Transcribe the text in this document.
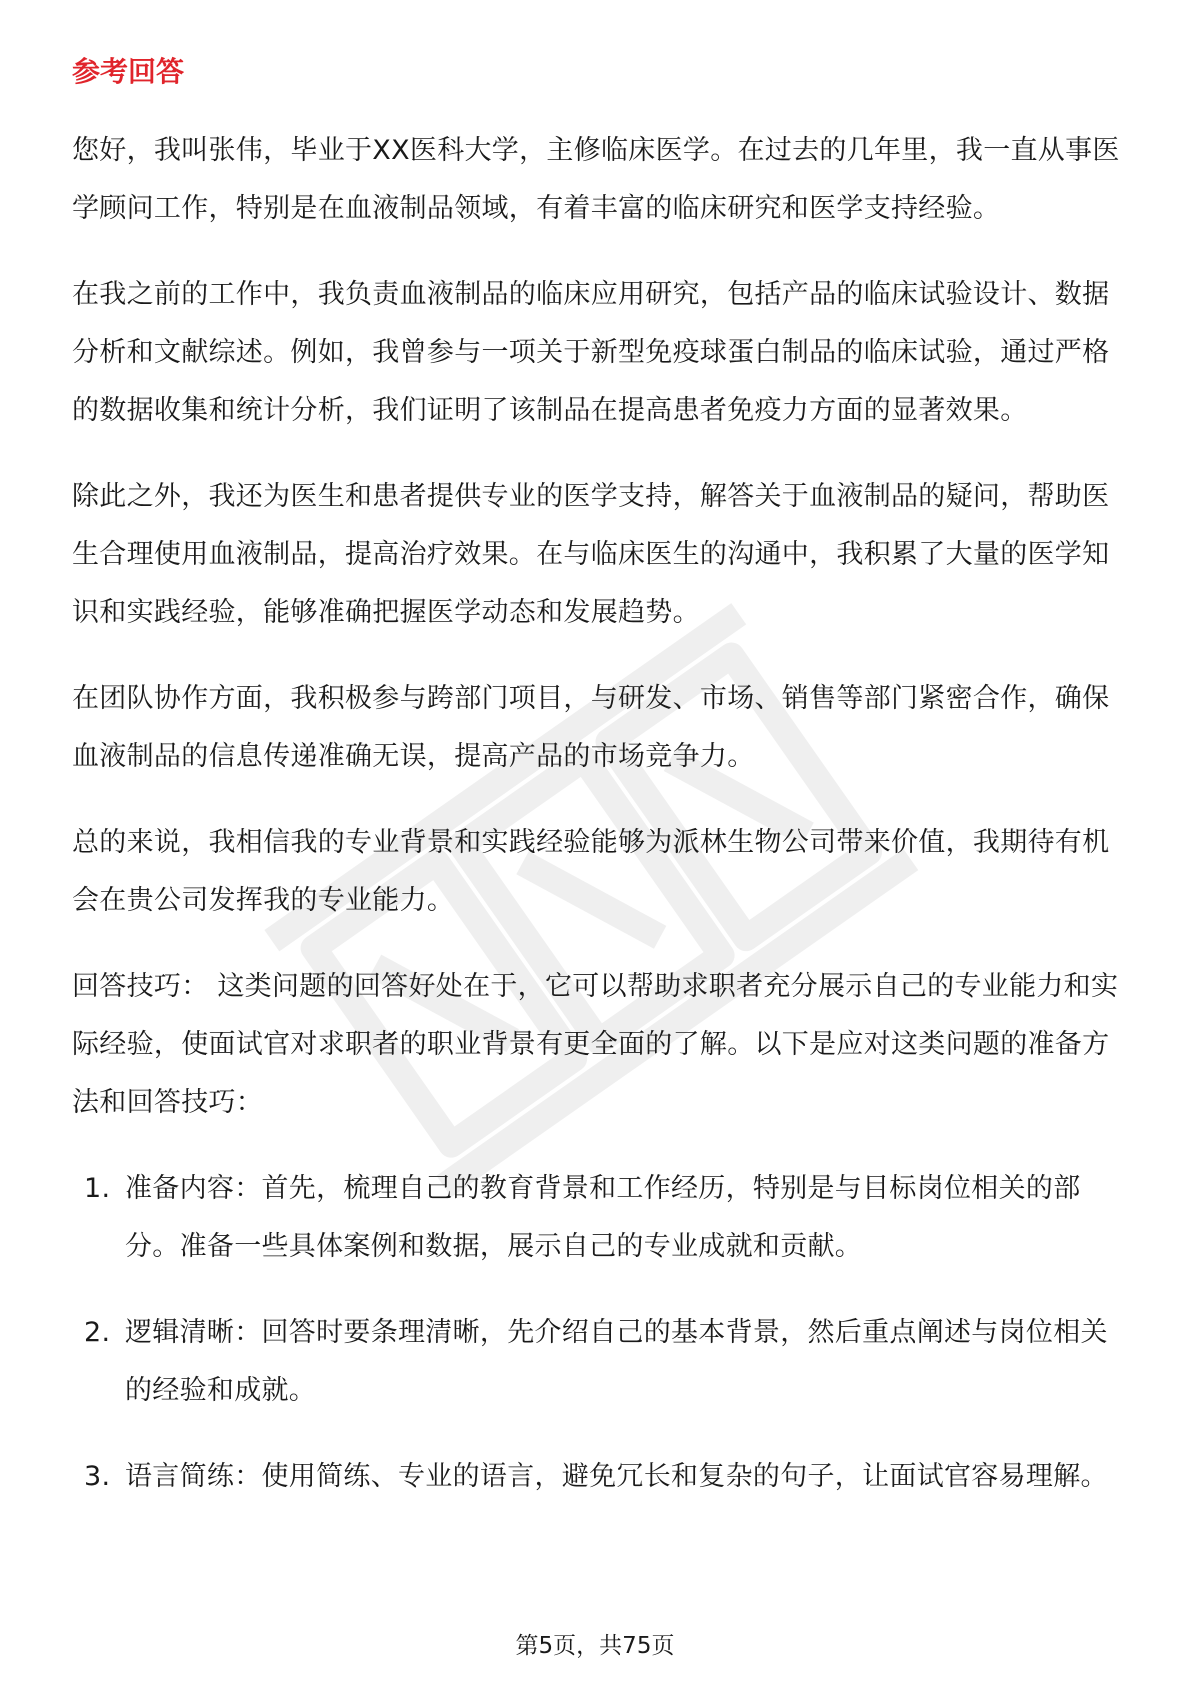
参考回答

您好，我叫张伟，毕业于XX医科大学，主修临床医学。在过去的几年里，我一直从事医学顾问工作，特别是在血液制品领域，有着丰富的临床研究和医学支持经验。

在我之前的工作中，我负责血液制品的临床应用研究，包括产品的临床试验设计、数据分析和文献综述。例如，我曾参与一项关于新型免疫球蛋白制品的临床试验，通过严格的数据收集和统计分析，我们证明了该制品在提高患者免疫力方面的显著效果。

除此之外，我还为医生和患者提供专业的医学支持，解答关于血液制品的疑问，帮助医生合理使用血液制品，提高治疗效果。在与临床医生的沟通中，我积累了大量的医学知识和实践经验，能够准确把握医学动态和发展趋势。

在团队协作方面，我积极参与跨部门项目，与研发、市场、销售等部门紧密合作，确保血液制品的信息传递准确无误，提高产品的市场竞争力。

总的来说，我相信我的专业背景和实践经验能够为派林生物公司带来价值，我期待有机会在贵公司发挥我的专业能力。

回答技巧： 这类问题的回答好处在于，它可以帮助求职者充分展示自己的专业能力和实际经验，使面试官对求职者的职业背景有更全面的了解。以下是应对这类问题的准备方法和回答技巧：

1. 准备内容：首先，梳理自己的教育背景和工作经历，特别是与目标岗位相关的部分。准备一些具体案例和数据，展示自己的专业成就和贡献。
2. 逻辑清晰：回答时要条理清晰，先介绍自己的基本背景，然后重点阐述与岗位相关的经验和成就。
3. 语言简练：使用简练、专业的语言，避免冗长和复杂的句子，让面试官容易理解。
第5页，共75页
